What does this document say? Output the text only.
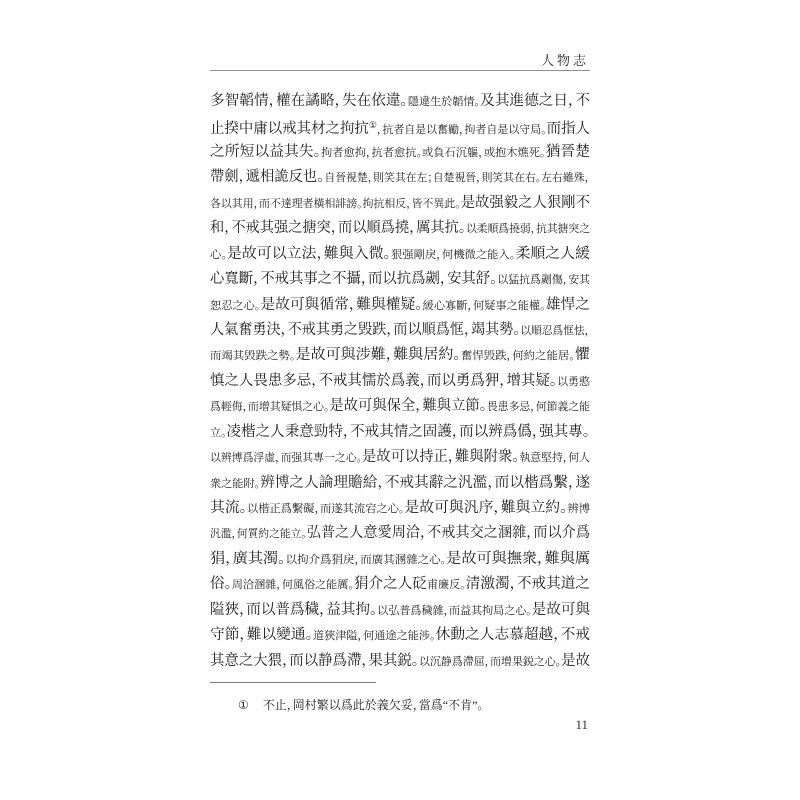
人物志
多智韜情，權在譎略，失在依違。隱違生於韜情。及其進德之日，不
止揆中庸以戒其材之拘抗①，抗者自是以奮勵，拘者自是以守局。而指人
之所短以益其失。拘者愈拘，抗者愈抗。或負石沉軀，或抱木燋死。猶晉楚
帶劍，遞相詭反也。自晉視楚，則笑其在左；自楚視晉，則笑其在右。左右雖殊，
各以其用，而不達理者橫相誹謗。拘抗相反，皆不異此。是故强毅之人狠剛不
和，不戒其强之搪突，而以順爲撓，厲其抗。以柔順爲撓弱，抗其搪突之
心。是故可以立法，難與入微。狠强剛戾，何機微之能入。柔順之人緩
心寬斷，不戒其事之不攝，而以抗爲劌，安其舒。以猛抗爲劌傷，安其
恕忍之心。是故可與循常，難與權疑。緩心寡斷，何疑事之能權。雄悍之
人氣奮勇決，不戒其勇之毁跌，而以順爲恇，竭其勢。以順忍爲恇怯，
而竭其毁跌之勢。是故可與涉難，難與居約。奮悍毁跌，何約之能居。懼
慎之人畏患多忌，不戒其懦於爲義，而以勇爲狎，增其疑。以勇憨
爲輕侮，而增其疑惧之心。是故可與保全，難與立節。畏患多忌，何節義之能
立。凌楷之人秉意勁特，不戒其情之固護，而以辨爲僞，强其專。
以辨博爲浮虛，而强其專一之心。是故可以持正，難與附衆。執意堅持，何人
衆之能附。辨博之人論理贍給，不戒其辭之汎濫，而以楷爲繫，遂
其流。以楷正爲繫礙，而遂其流宕之心。是故可與汎序，難與立約。辨博
汎濫，何質約之能立。弘普之人意愛周洽，不戒其交之溷雜，而以介爲
狷，廣其濁。以拘介爲狷戾，而廣其溷雜之心。是故可與撫衆，難與厲
俗。周洽溷雜，何風俗之能厲。狷介之人砭甫廉反。清激濁，不戒其道之
隘狹，而以普爲穢，益其拘。以弘普爲穢雜，而益其拘局之心。是故可與
守節，難以變通。道狹津隘，何通途之能涉。休動之人志慕超越，不戒
其意之大猥，而以静爲滯，果其鋭。以沉静爲滯屈，而增果鋭之心。是故
① 不止，岡村繁以爲此於義欠妥，當爲“不肯”。
11
